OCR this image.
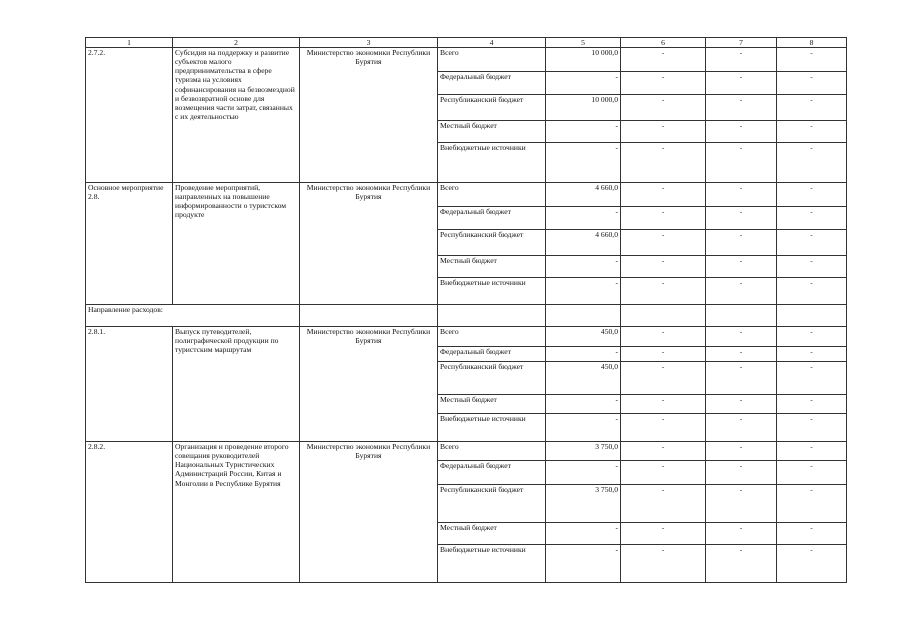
1	2	3	4	5	6	7	8
2.7.2.	Субсидия на поддержку и развитие субъектов малого предпринимательства в сфере туризма на условиях софинансирования на безвозмездной и безвозвратной основе для возмещения части затрат, связанных с их деятельностью	Министерство экономики Республики Бурятия	Всего	10 000,0	-	-	-
			Федеральный бюджет	-	-	-	-
			Республиканский бюджет	10 000,0	-	-	-
			Местный бюджет	-	-	-	-
			Внебюджетные источники	-	-	-	-
Основное мероприятие 2.8.	Проведение мероприятий, направленных на повышение информированности о туристском продукте	Министерство экономики Республики Бурятия	Всего	4 660,0	-	-	-
			Федеральный бюджет	-	-	-	-
			Республиканский бюджет	4 660,0	-	-	-
			Местный бюджет	-	-	-	-
			Внебюджетные источники	-	-	-	-
Направление расходов:							
2.8.1.	Выпуск путеводителей, полиграфической продукции по туристским маршрутам	Министерство экономики Республики Бурятия	Всего	450,0	-	-	-
			Федеральный бюджет	-	-	-	-
			Республиканский бюджет	450,0	-	-	-
			Местный бюджет	-	-	-	-
			Внебюджетные источники	-	-	-	-
2.8.2.	Организация и проведение второго совещания руководителей Национальных Туристических Администраций России, Китая и Монголии в Республике Бурятия	Министерство экономики Республики Бурятия	Всего	3 750,0	-	-	-
			Федеральный бюджет	-	-	-	-
			Республиканский бюджет	3 750,0	-	-	-
			Местный бюджет	-	-	-	-
			Внебюджетные источники	-	-	-	-
